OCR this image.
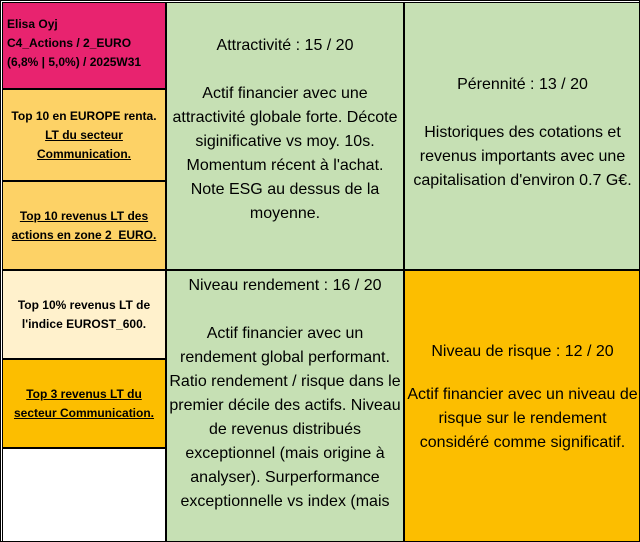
Elisa Oyj
C4_Actions / 2_EURO
(6,8% | 5,0%) / 2025W31
Top 10 en EUROPE renta.
LT du secteur
Communication.
Top 10 revenus LT des
actions en zone 2_EURO.
Top 10% revenus LT de
l'indice EUROST_600.
Top 3 revenus LT du
secteur Communication.
Attractivité : 15 / 20
Actif financier avec une
attractivité globale forte. Décote
siginificative vs moy. 10s.
Momentum récent à l'achat.
Note ESG au dessus de la
moyenne.
Pérennité : 13 / 20
Historiques des cotations et
revenus importants avec une
capitalisation d'environ 0.7 G€.
Niveau rendement : 16 / 20
Actif financier avec un
rendement global performant.
Ratio rendement / risque dans le
premier décile des actifs. Niveau
de revenus distribués
exceptionnel (mais origine à
analyser). Surperformance
exceptionnelle vs index (mais
Niveau de risque : 12 / 20
Actif financier avec un niveau de
risque sur le rendement
considéré comme significatif.
